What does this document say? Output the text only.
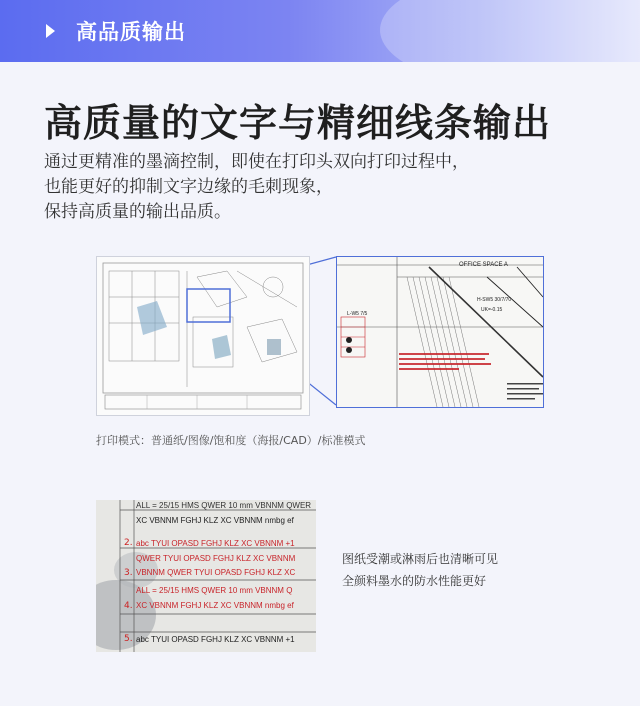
高品质输出
高质量的文字与精细线条输出
通过更精准的墨滴控制，即使在打印头双向打印过程中，
也能更好的抑制文字边缘的毛刺现象，
保持高质量的输出品质。
OFFICE SPACE A
H-SW5 30/7/70
UK=-0.15
L-W5 7/5
打印模式：普通纸/图像/饱和度（海报/CAD）/标准模式
2.
3.
4.
5.
ALL = 25/15 HMS QWER 10 mm VBNNM QWER
XC VBNNM FGHJ KLZ XC VBNNM nmbg ef
abc TYUI OPASD FGHJ KLZ XC VBNNM +1
QWER TYUI OPASD FGHJ KLZ XC VBNNM
VBNNM QWER TYUI OPASD FGHJ KLZ XC
ALL = 25/15 HMS QWER 10 mm VBNNM Q
XC VBNNM FGHJ KLZ XC VBNNM nmbg ef
abc TYUI OPASD FGHJ KLZ XC VBNNM +1
图纸受潮或淋雨后也清晰可见
全颜料墨水的防水性能更好
